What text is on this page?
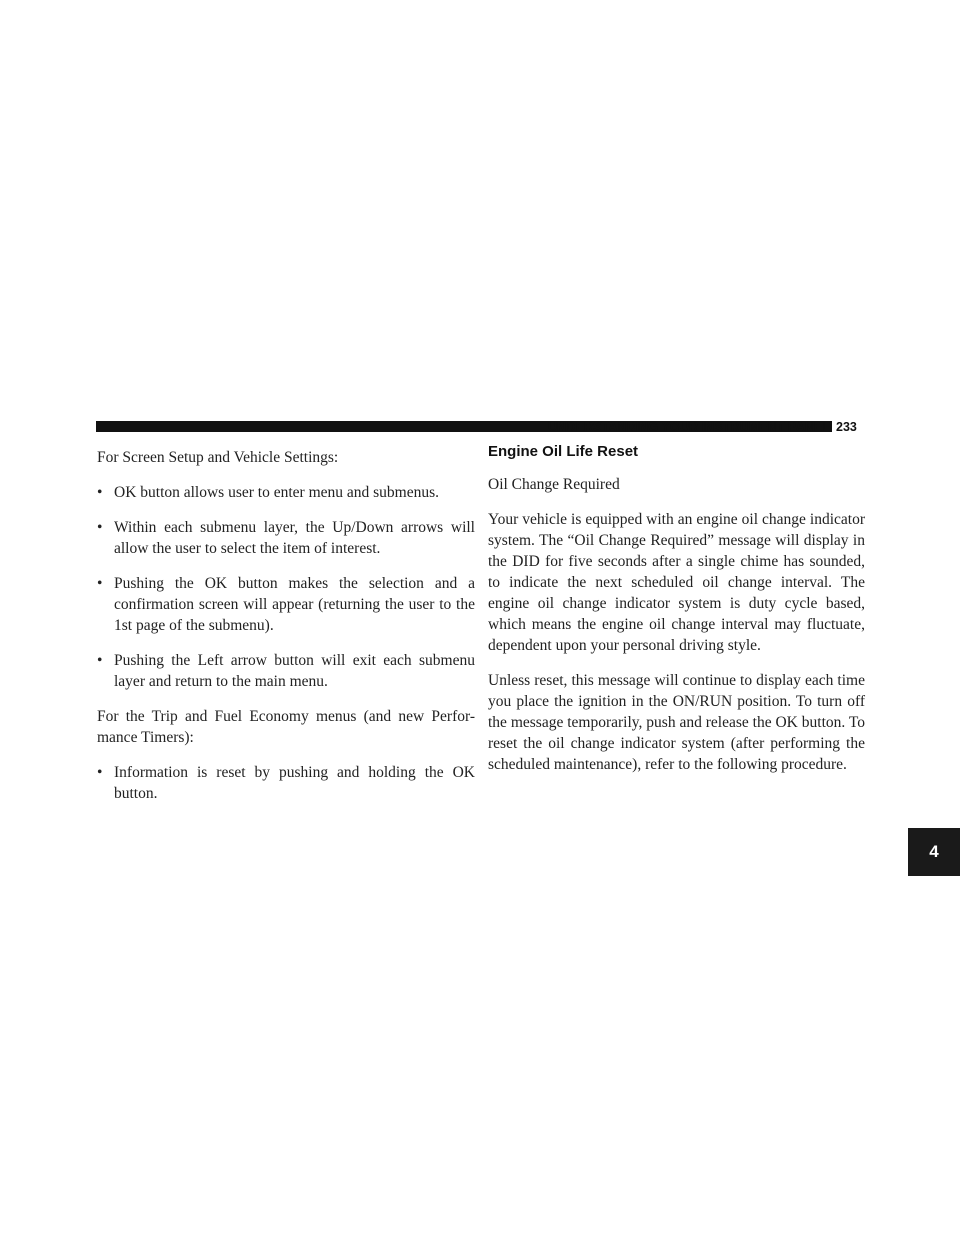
UNDERSTANDING YOUR INSTRUMENT PANEL 233
4

For Screen Setup and Vehicle Settings:

• OK button allows user to enter menu and submenus.
• Within each submenu layer, the Up/Down arrows will allow the user to select the item of interest.
• Pushing the OK button makes the selection and a confirmation screen will appear (returning the user to the 1st page of the submenu).
• Pushing the Left arrow button will exit each submenu layer and return to the main menu.

For the Trip and Fuel Economy menus (and new Perfor-mance Timers):

• Information is reset by pushing and holding the OK button.
Engine Oil Life Reset

Oil Change Required

Your vehicle is equipped with an engine oil change indicator system. The “Oil Change Required” message will display in the DID for five seconds after a single chime has sounded, to indicate the next scheduled oil change interval. The engine oil change indicator system is duty cycle based, which means the engine oil change interval may fluctuate, dependent upon your personal driving style.

Unless reset, this message will continue to display each time you place the ignition in the ON/RUN position. To turn off the message temporarily, push and release the OK button. To reset the oil change indicator system (after performing the scheduled maintenance), refer to the following procedure.
